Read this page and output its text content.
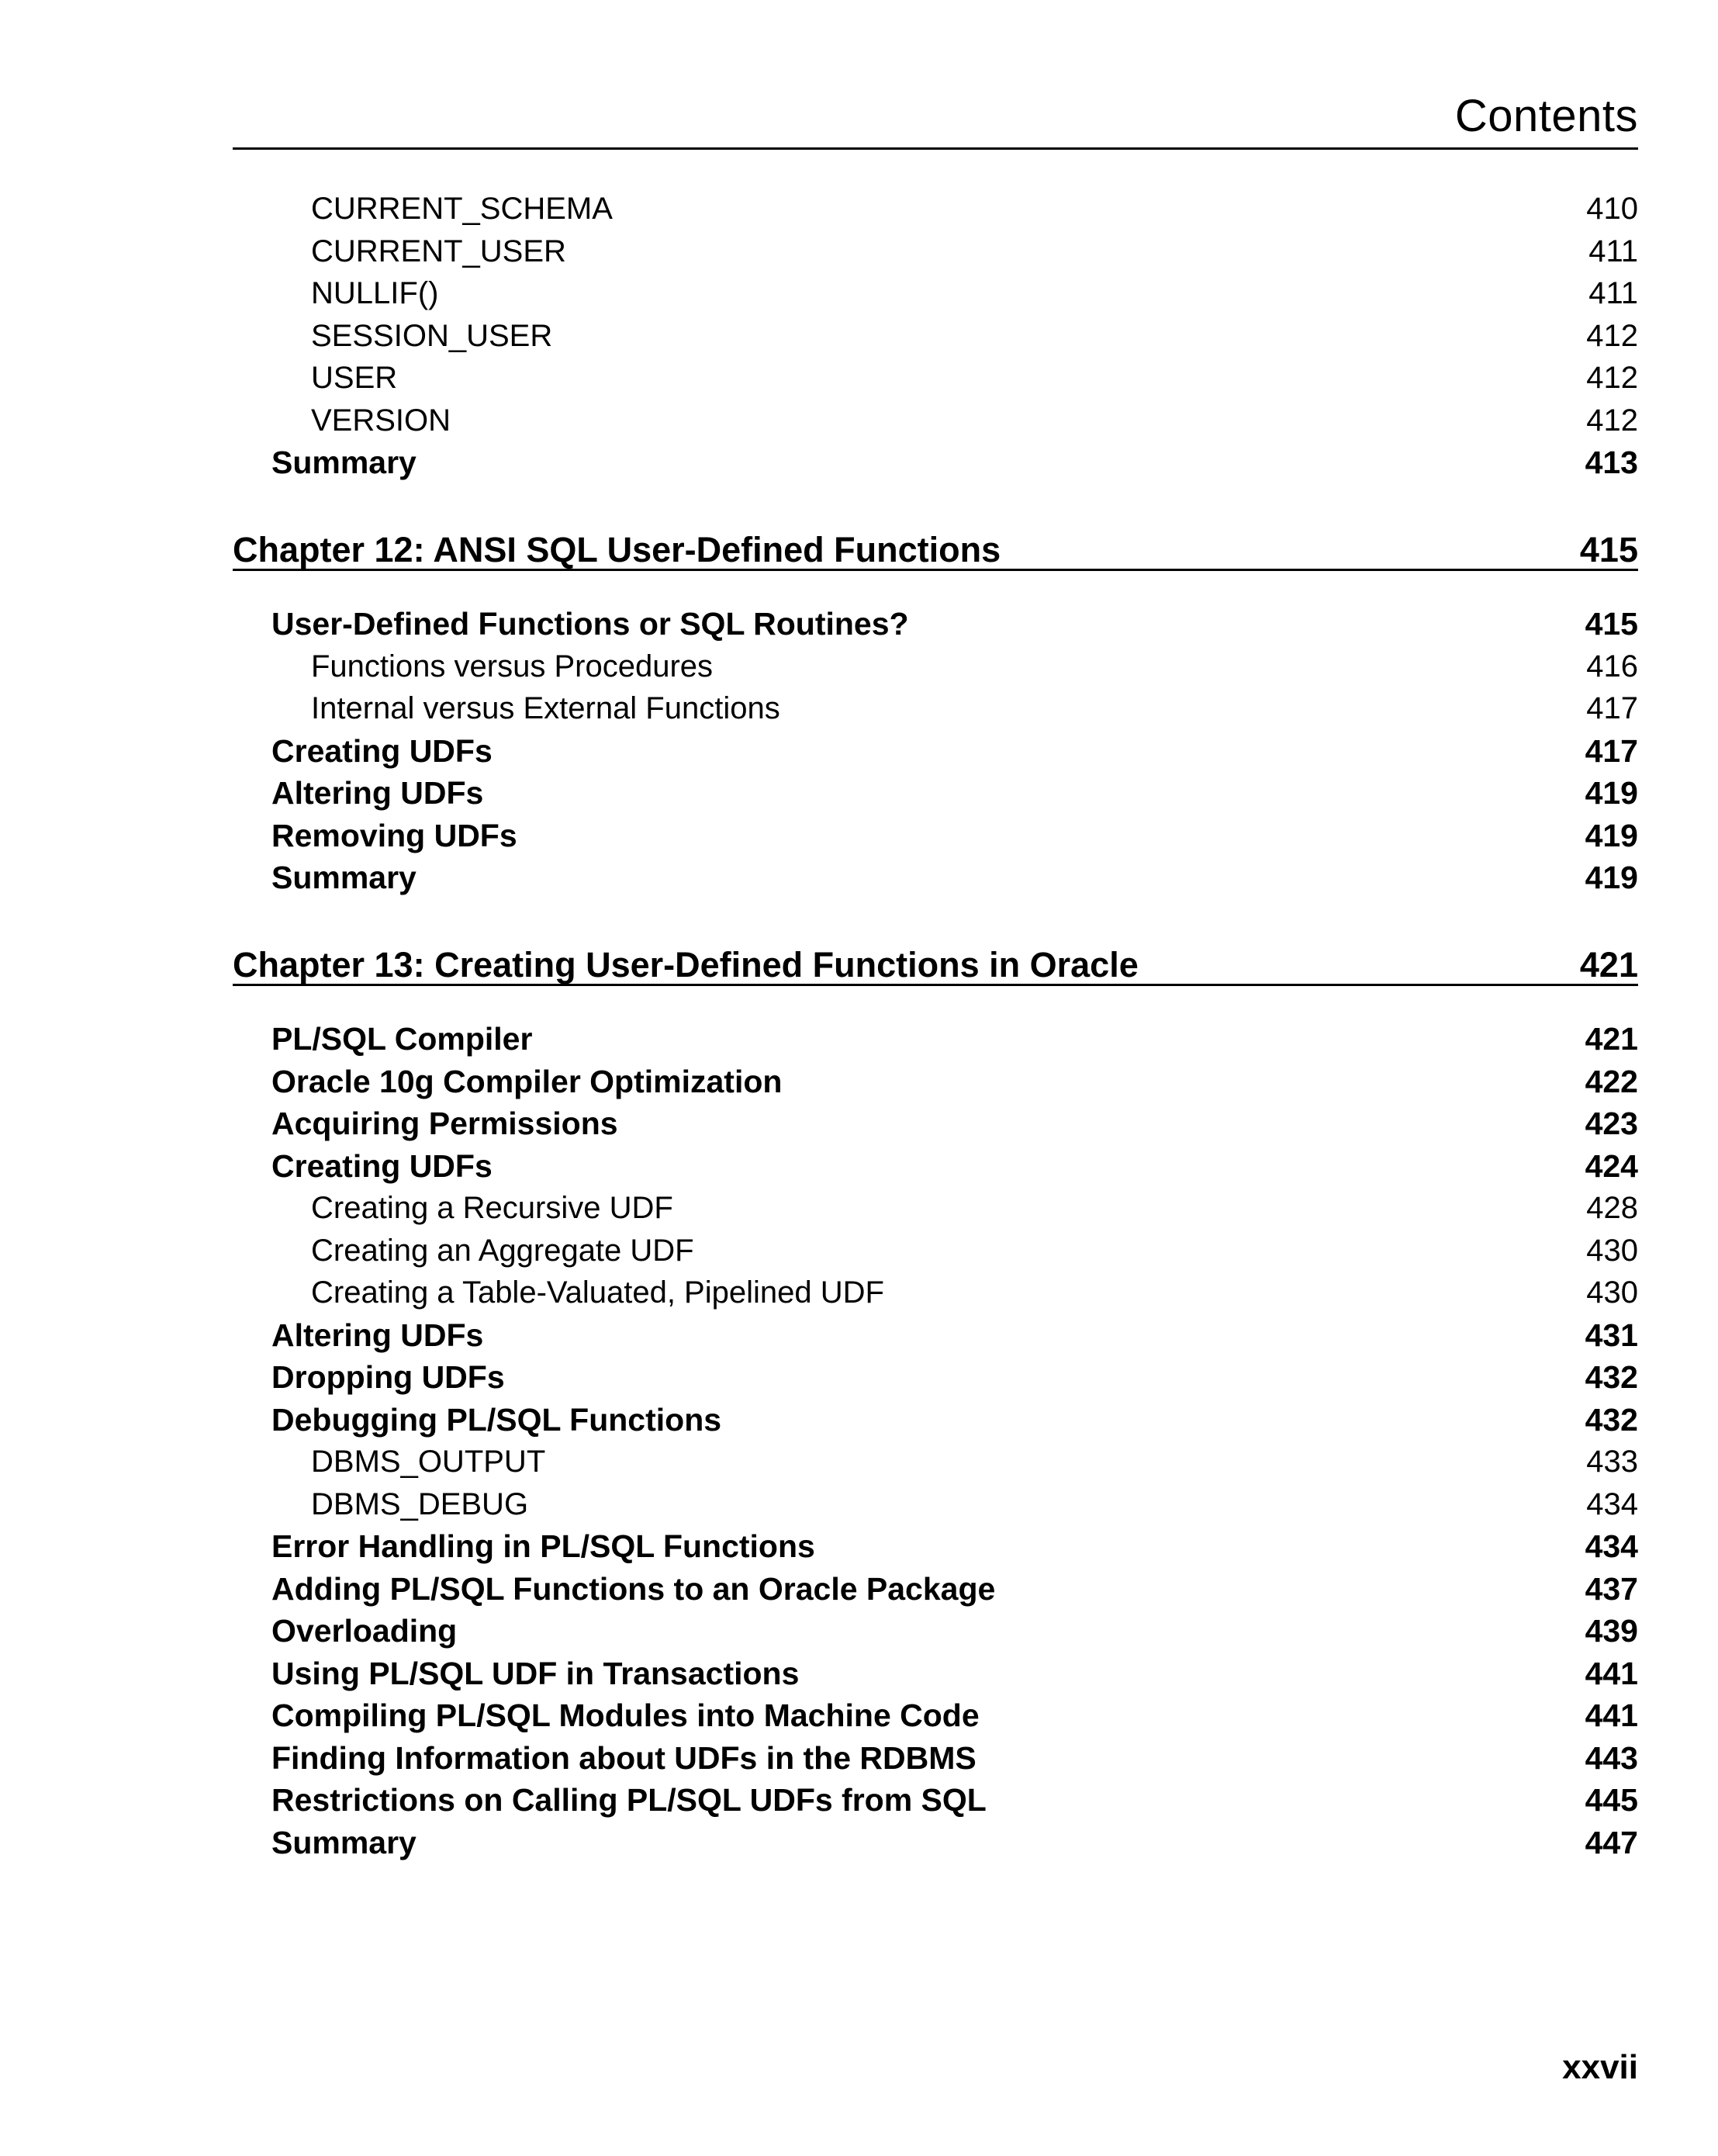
Contents
CURRENT_SCHEMA	410
CURRENT_USER	411
NULLIF()	411
SESSION_USER	412
USER	412
VERSION	412
Summary	413
Chapter 12: ANSI SQL User-Defined Functions	415
User-Defined Functions or SQL Routines?	415
Functions versus Procedures	416
Internal versus External Functions	417
Creating UDFs	417
Altering UDFs	419
Removing UDFs	419
Summary	419
Chapter 13: Creating User-Defined Functions in Oracle	421
PL/SQL Compiler	421
Oracle 10g Compiler Optimization	422
Acquiring Permissions	423
Creating UDFs	424
Creating a Recursive UDF	428
Creating an Aggregate UDF	430
Creating a Table-Valuated, Pipelined UDF	430
Altering UDFs	431
Dropping UDFs	432
Debugging PL/SQL Functions	432
DBMS_OUTPUT	433
DBMS_DEBUG	434
Error Handling in PL/SQL Functions	434
Adding PL/SQL Functions to an Oracle Package	437
Overloading	439
Using PL/SQL UDF in Transactions	441
Compiling PL/SQL Modules into Machine Code	441
Finding Information about UDFs in the RDBMS	443
Restrictions on Calling PL/SQL UDFs from SQL	445
Summary	447
xxvii
